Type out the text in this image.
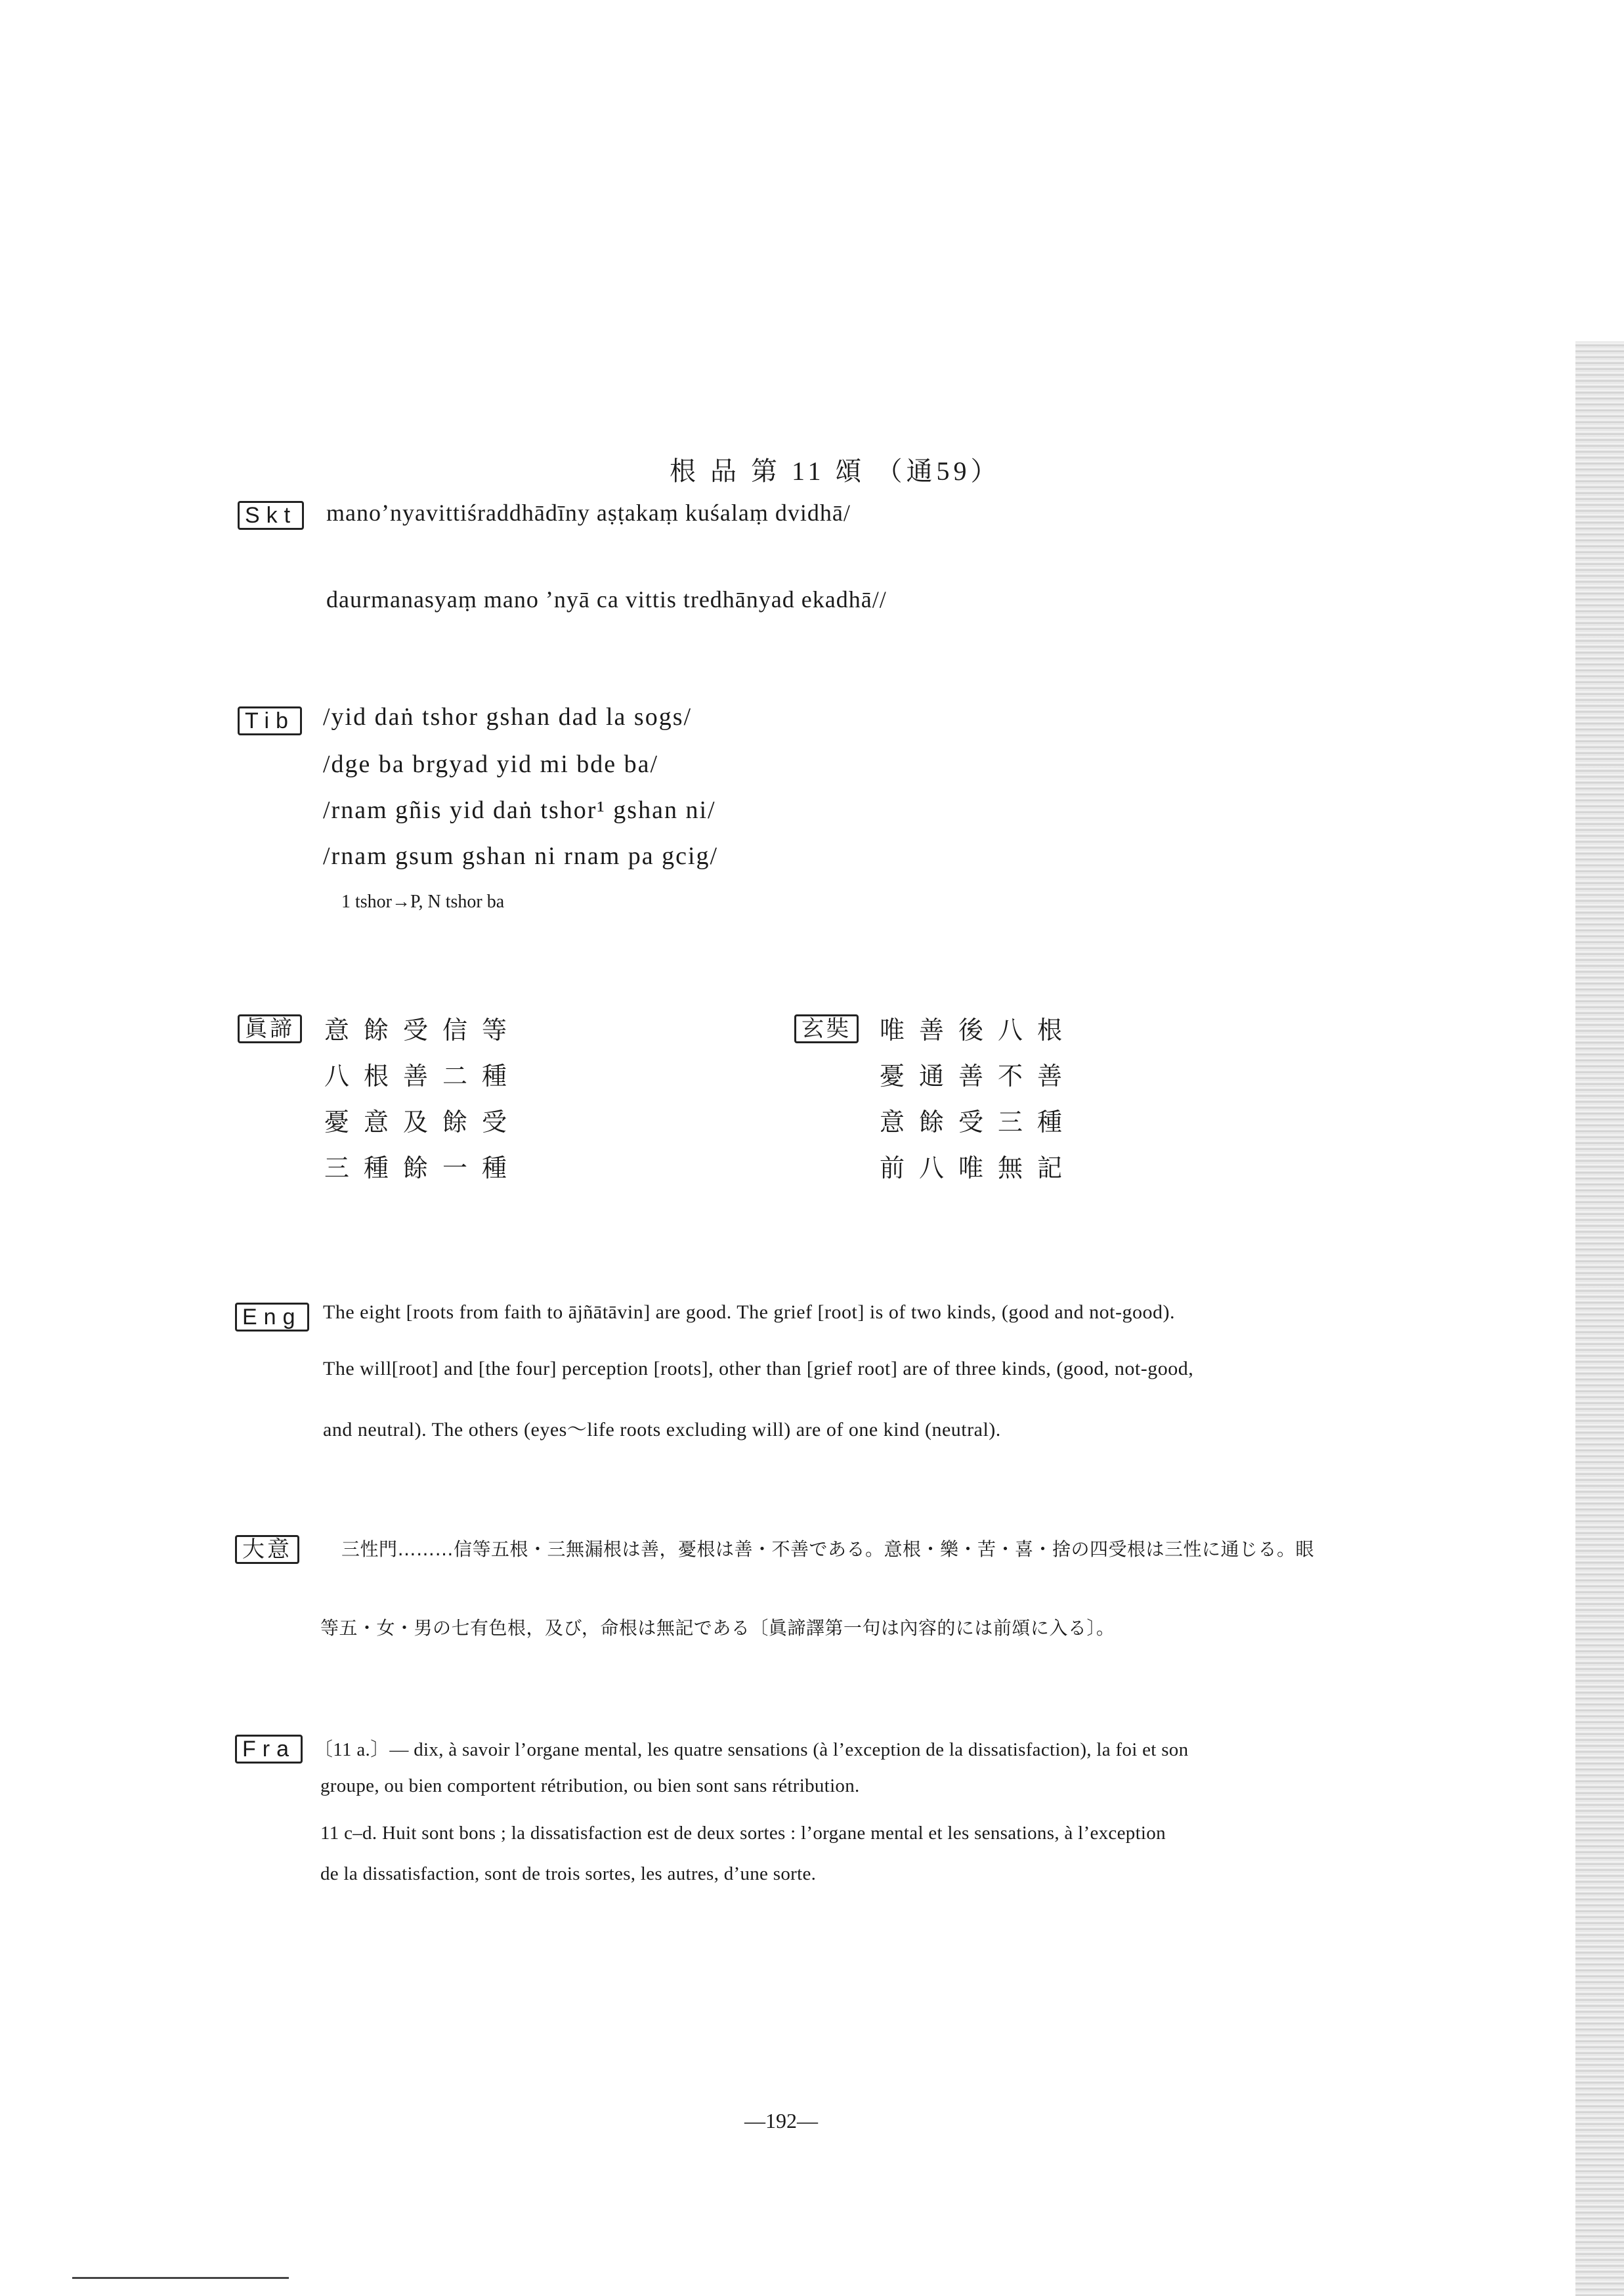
根 品 第 11 頌 （通59）
Skt	mano’nyavittiśraddhādīny aṣṭakaṃ kuśalaṃ dvidhā/
daurmanasyaṃ mano ’nyā ca vittis tredhānyad ekadhā//
Tib /yid daṅ tshor gshan dad la sogs/
/dge ba brgyad yid mi bde ba/
/rnam gñis yid daṅ tshor¹ gshan ni/
/rnam gsum gshan ni rnam pa gcig/
1 tshor→P, N tshor ba
眞諦 意餘受信等
八根善二種
憂意及餘受
三種餘一種
玄奘 唯善後八根
憂通善不善
意餘受三種
前八唯無記
Eng	The eight [roots from faith to ājñātāvin] are good. The grief [root] is of two kinds, (good and not-good).
The will[root] and [the four] perception [roots], other than [grief root] are of three kinds, (good, not-good,
and neutral). The others (eyes～life roots excluding will) are of one kind (neutral).
大意	三性門………信等五根・三無漏根は善，憂根は善・不善である。意根・樂・苦・喜・捨の四受根は三性に通じる。眼
等五・女・男の七有色根，及び，命根は無記である〔眞諦譯第一句は內容的には前頌に入る〕。
Fra 〔11 a.〕— dix, à savoir l’organe mental, les quatre sensations (à l’exception de la dissatisfaction), la foi et son
groupe, ou bien comportent rétribution, ou bien sont sans rétribution.
11 c–d. Huit sont bons ; la dissatisfaction est de deux sortes : l’organe mental et les sensations, à l’exception
de la dissatisfaction, sont de trois sortes, les autres, d’une sorte.
—192—
